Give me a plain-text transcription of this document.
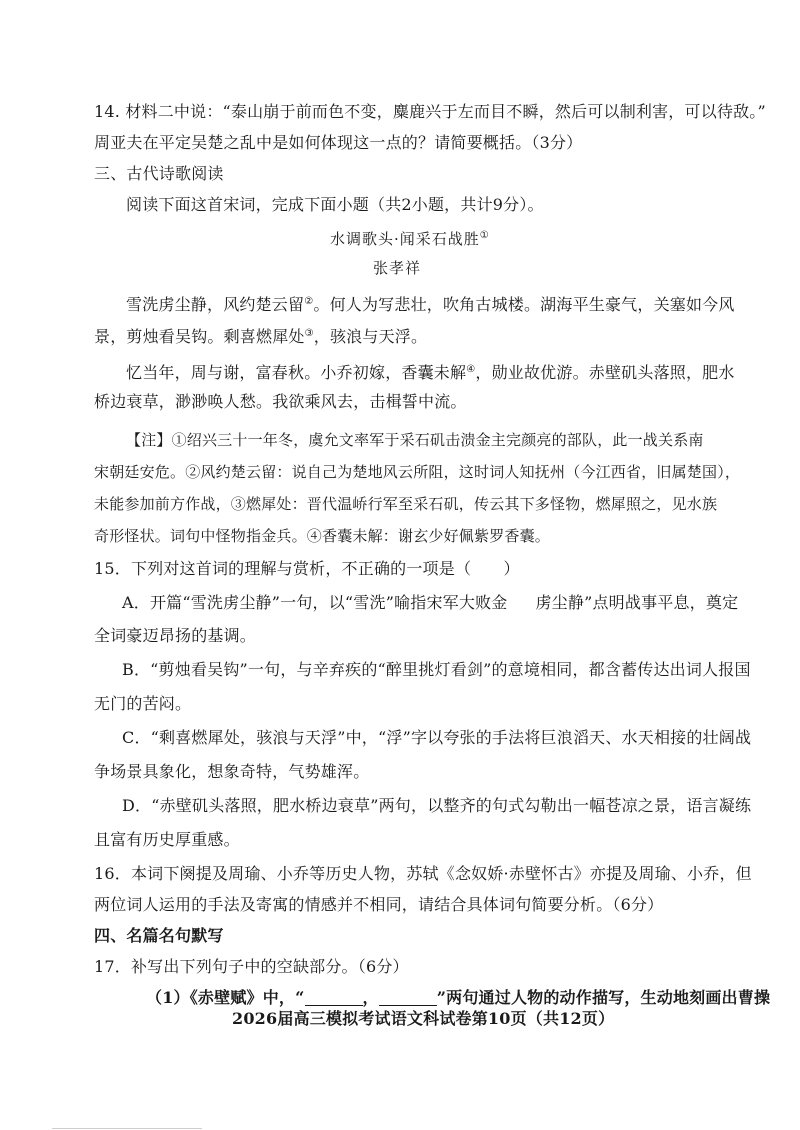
14. 材料二中说：“泰山崩于前而色不变，麋鹿兴于左而目不瞬，然后可以制利害，可以待敌。”
周亚夫在平定吴楚之乱中是如何体现这一点的？请简要概括。（3分）
三、古代诗歌阅读
阅读下面这首宋词，完成下面小题（共2小题，共计9分）。
水调歌头·闻采石战胜①
张孝祥
雪洗虏尘静，风约楚云留②。何人为写悲壮，吹角古城楼。湖海平生豪气，关塞如今风
景，剪烛看吴钩。剩喜燃犀处③，骇浪与天浮。
忆当年，周与谢，富春秋。小乔初嫁，香囊未解④，勋业故优游。赤壁矶头落照，肥水
桥边衰草，渺渺唤人愁。我欲乘风去，击楫誓中流。
【注】①绍兴三十一年冬，虞允文率军于采石矶击溃金主完颜亮的部队，此一战关系南
宋朝廷安危。②风约楚云留：说自己为楚地风云所阻，这时词人知抚州（今江西省，旧属楚国），
未能参加前方作战，③燃犀处：晋代温峤行军至采石矶，传云其下多怪物，燃犀照之，见水族
奇形怪状。词句中怪物指金兵。④香囊未解：谢玄少好佩紫罗香囊。
15．下列对这首词的理解与赏析，不正确的一项是（　　）
A．开篇“雪洗虏尘静”一句，以“雪洗”喻指宋军大败金 虏尘静”点明战事平息，奠定
全词豪迈昂扬的基调。
B．“剪烛看吴钩”一句，与辛弃疾的“醉里挑灯看剑”的意境相同，都含蓄传达出词人报国
无门的苦闷。
C．“剩喜燃犀处，骇浪与天浮”中，“浮”字以夸张的手法将巨浪滔天、水天相接的壮阔战
争场景具象化，想象奇特，气势雄浑。
D．“赤壁矶头落照，肥水桥边衰草”两句，以整齐的句式勾勒出一幅苍凉之景，语言凝练
且富有历史厚重感。
16．本词下阕提及周瑜、小乔等历史人物，苏轼《念奴娇·赤壁怀古》亦提及周瑜、小乔，但
两位词人运用的手法及寄寓的情感并不相同，请结合具体词句简要分析。（6分）
四、名篇名句默写
17．补写出下列句子中的空缺部分。（6分）
（1）《赤壁赋》中，“	，	”两句通过人物的动作描写，生动地刻画出曹操
2026届高三模拟考试语文科试卷第10页（共12页）
